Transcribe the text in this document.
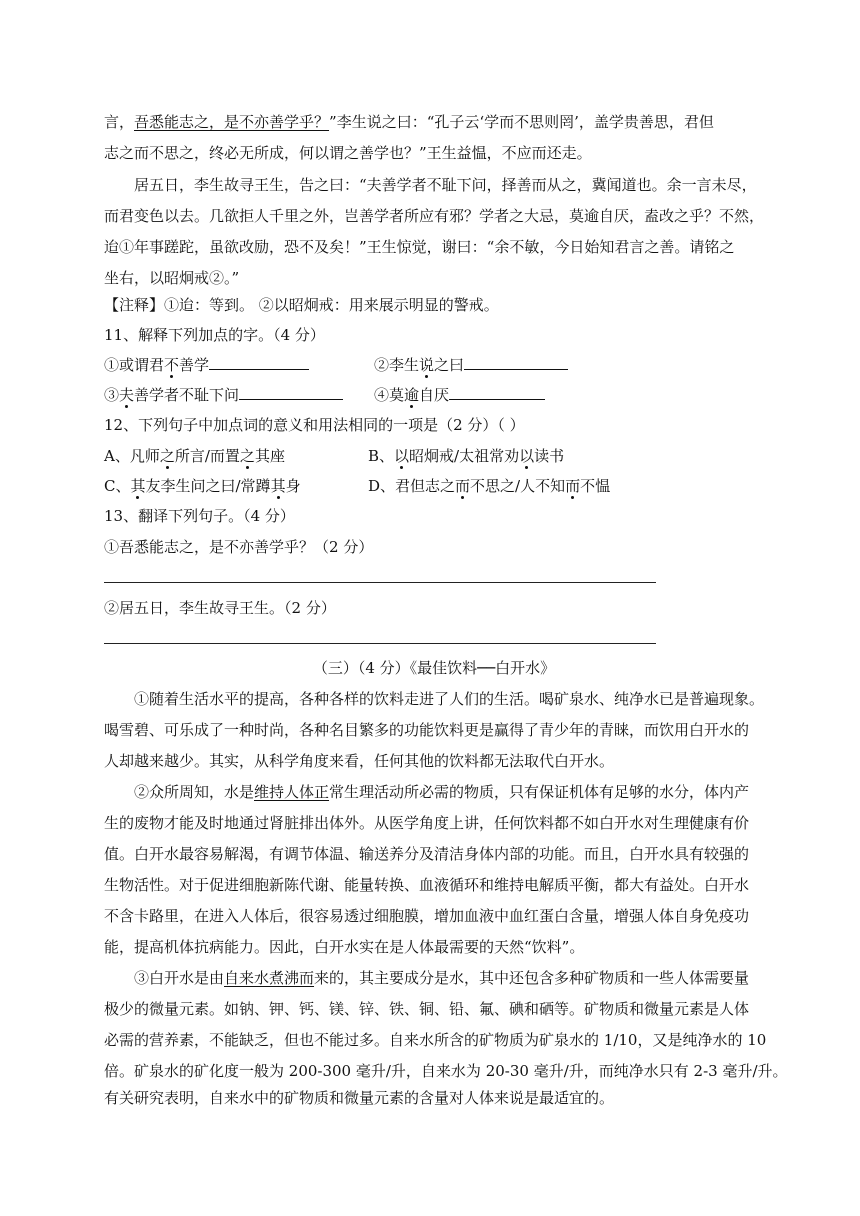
言，吾悉能志之，是不亦善学乎？”李生说之曰：“孔子云‘学而不思则罔’，盖学贵善思，君但
志之而不思之，终必无所成，何以谓之善学也？”王生益愠，不应而还走。
居五日，李生故寻王生，告之曰：“夫善学者不耻下问，择善而从之，冀闻道也。余一言未尽，
而君变色以去。几欲拒人千里之外，岂善学者所应有邪？学者之大忌，莫逾自厌，盍改之乎？不然，
迨①年事蹉跎，虽欲改励，恐不及矣！”王生惊觉，谢曰：“余不敏，今日始知君言之善。请铭之
坐右，以昭炯戒②。”
【注释】①迨：等到。 ②以昭炯戒：用来展示明显的警戒。
11、解释下列加点的字。（4 分）
①或谓君不善学	②李生说之曰
③夫善学者不耻下问	④莫逾自厌
12、下列句子中加点词的意义和用法相同的一项是（2 分）（ ）
A、凡师之所言/而置之其座	B、以昭炯戒/太祖常劝以读书
C、其友李生问之曰/常蹲其身	D、君但志之而不思之/人不知而不愠
13、翻译下列句子。（4 分）
①吾悉能志之，是不亦善学乎？（2 分）
②居五日，李生故寻王生。（2 分）
（三）（4 分）《最佳饮料──白开水》
①随着生活水平的提高，各种各样的饮料走进了人们的生活。喝矿泉水、纯净水已是普遍现象。
喝雪碧、可乐成了一种时尚，各种名目繁多的功能饮料更是赢得了青少年的青睐，而饮用白开水的
人却越来越少。其实，从科学角度来看，任何其他的饮料都无法取代白开水。
②众所周知，水是维持人体正常生理活动所必需的物质，只有保证机体有足够的水分，体内产
生的废物才能及时地通过肾脏排出体外。从医学角度上讲，任何饮料都不如白开水对生理健康有价
值。白开水最容易解渴，有调节体温、输送养分及清洁身体内部的功能。而且，白开水具有较强的
生物活性。对于促进细胞新陈代谢、能量转换、血液循环和维持电解质平衡，都大有益处。白开水
不含卡路里，在进入人体后，很容易透过细胞膜，增加血液中血红蛋白含量，增强人体自身免疫功
能，提高机体抗病能力。因此，白开水实在是人体最需要的天然“饮料”。
③白开水是由自来水煮沸而来的，其主要成分是水，其中还包含多种矿物质和一些人体需要量
极少的微量元素。如钠、钾、钙、镁、锌、铁、铜、铅、氟、碘和硒等。矿物质和微量元素是人体
必需的营养素，不能缺乏，但也不能过多。自来水所含的矿物质为矿泉水的 1/10，又是纯净水的 10
倍。矿泉水的矿化度一般为 200-300 毫升/升，自来水为 20-30 毫升/升，而纯净水只有 2-3 毫升/升。
有关研究表明，自来水中的矿物质和微量元素的含量对人体来说是最适宜的。
